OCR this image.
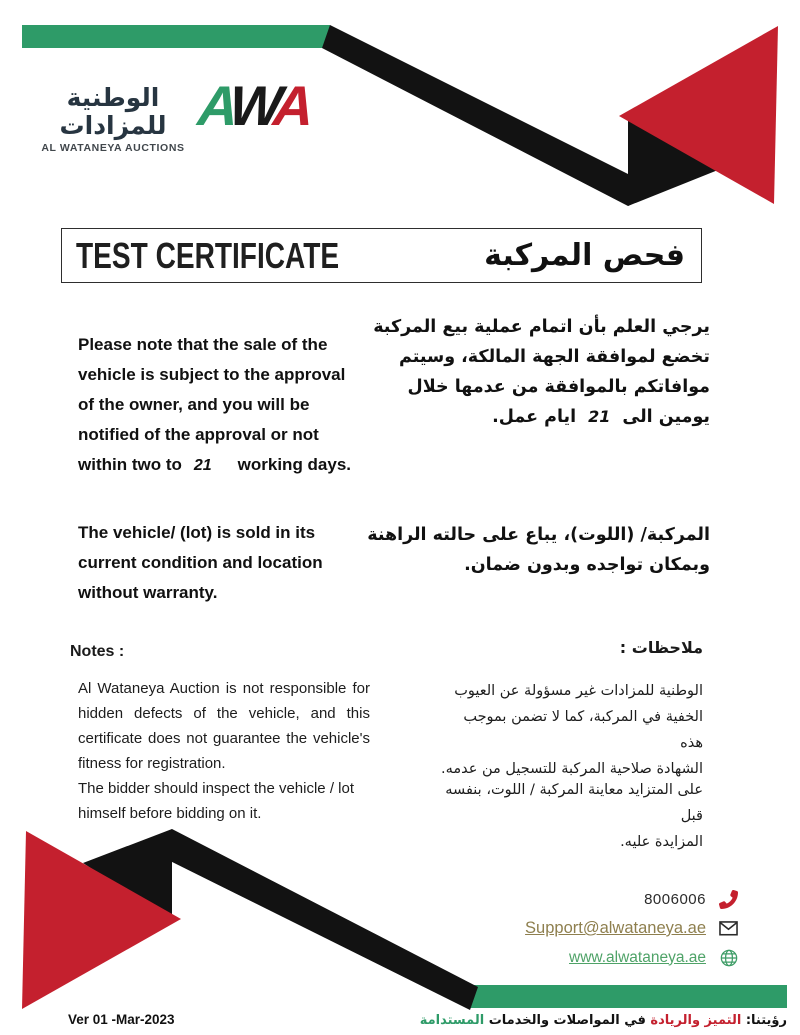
الوطنية للمزادات
AL WATANEYA AUCTIONS
A
W
A
TEST CERTIFICATE	فحص المركبة
Please note that the sale of the
vehicle is subject to the approval
of the owner, and you will be
notified of the approval or not
within two to 21 working days.
يرجي العلم بأن اتمام عملية بيع المركبة
تخضع لموافقة الجهة المالكة، وسيتم
موافاتكم بالموافقة من عدمها خلال
يومين الى21ايام عمل.
The vehicle/ (lot) is sold in its
current condition and location
without warranty.
المركبة/ (اللوت)، يباع على حالته الراهنة
وبمكان تواجده وبدون ضمان.
Notes :	ملاحظات :
Al Wataneya Auction is not responsible for
hidden defects of the vehicle, and this
certificate does not guarantee the vehicle's
fitness for registration.
الوطنية للمزادات غير مسؤولة عن العيوب
الخفية في المركبة، كما لا تضمن بموجب هذه
الشهادة صلاحية المركبة للتسجيل من عدمه.
The bidder should inspect the vehicle / lot
himself before bidding on it.
على المتزايد معاينة المركبة / اللوت، بنفسه قبل
المزايدة عليه.
8006006
Support@alwataneya.ae
www.alwataneya.ae
Ver 01 -Mar-2023	رؤيتنا: التميز والريادة في المواصلات والخدمات المستدامة
